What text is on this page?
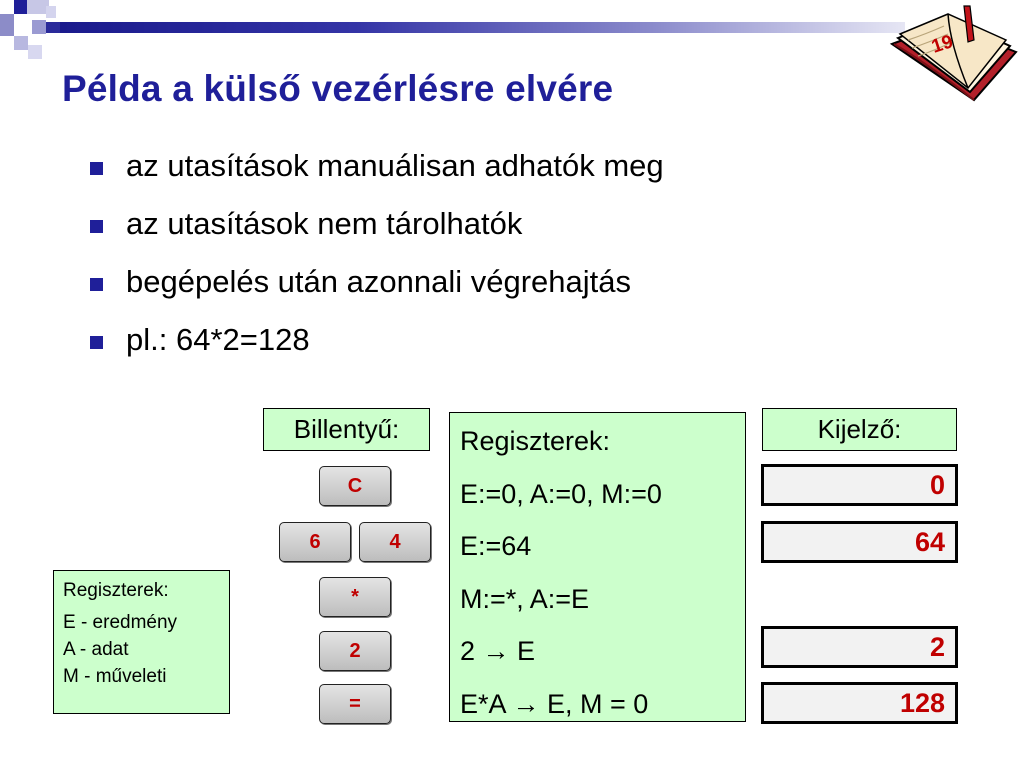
19
Példa a külső vezérlésre elvére
az utasítások manuálisan adhatók meg
az utasítások nem tárolhatók
begépelés után azonnali végrehajtás
pl.: 64*2=128
Billentyű:
C
6	4
*
2
=
Regiszterek:
E:=0, A:=0, M:=0
E:=64
M:=*, A:=E
2 → E
E*A → E, M = 0
Kijelző:
0
64
2
128
Regiszterek:
E - eredmény
A - adat
M - műveleti
